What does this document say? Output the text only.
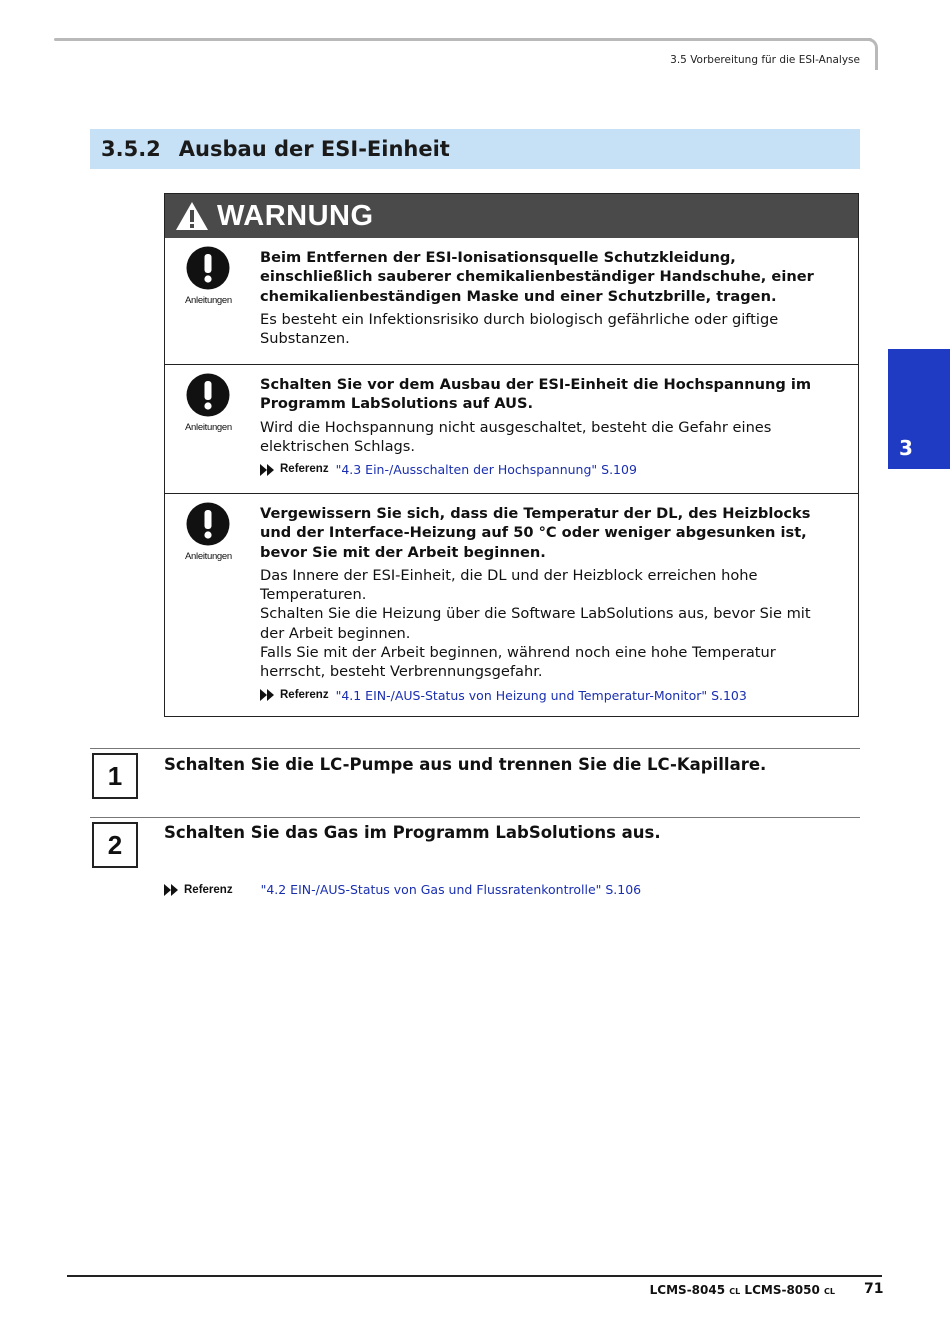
3.5 Vorbereitung für die ESI-Analyse
3.5.2 Ausbau der ESI-Einheit
3
WARNUNG
Anleitungen
Beim Entfernen der ESI-Ionisationsquelle Schutzkleidung, einschließlich sauberer chemikalienbeständiger Handschuhe, einer chemikalienbeständigen Maske und einer Schutzbrille, tragen.
Es besteht ein Infektionsrisiko durch biologisch gefährliche oder giftige Substanzen.
Anleitungen
Schalten Sie vor dem Ausbau der ESI-Einheit die Hochspannung im Programm LabSolutions auf AUS.
Wird die Hochspannung nicht ausgeschaltet, besteht die Gefahr eines elektrischen Schlags.
Referenz "4.3 Ein-/Ausschalten der Hochspannung" S.109
Anleitungen
Vergewissern Sie sich, dass die Temperatur der DL, des Heizblocks und der Interface-Heizung auf 50 °C oder weniger abgesunken ist, bevor Sie mit der Arbeit beginnen.
Das Innere der ESI-Einheit, die DL und der Heizblock erreichen hohe Temperaturen.
Schalten Sie die Heizung über die Software LabSolutions aus, bevor Sie mit der Arbeit beginnen.
Falls Sie mit der Arbeit beginnen, während noch eine hohe Temperatur herrscht, besteht Verbrennungsgefahr.
Referenz "4.1 EIN-/AUS-Status von Heizung und Temperatur-Monitor" S.103
1	Schalten Sie die LC-Pumpe aus und trennen Sie die LC-Kapillare.
2	Schalten Sie das Gas im Programm LabSolutions aus.
Referenz "4.2 EIN-/AUS-Status von Gas und Flussratenkontrolle" S.106
LCMS-8045 CL LCMS-8050 CL 71
